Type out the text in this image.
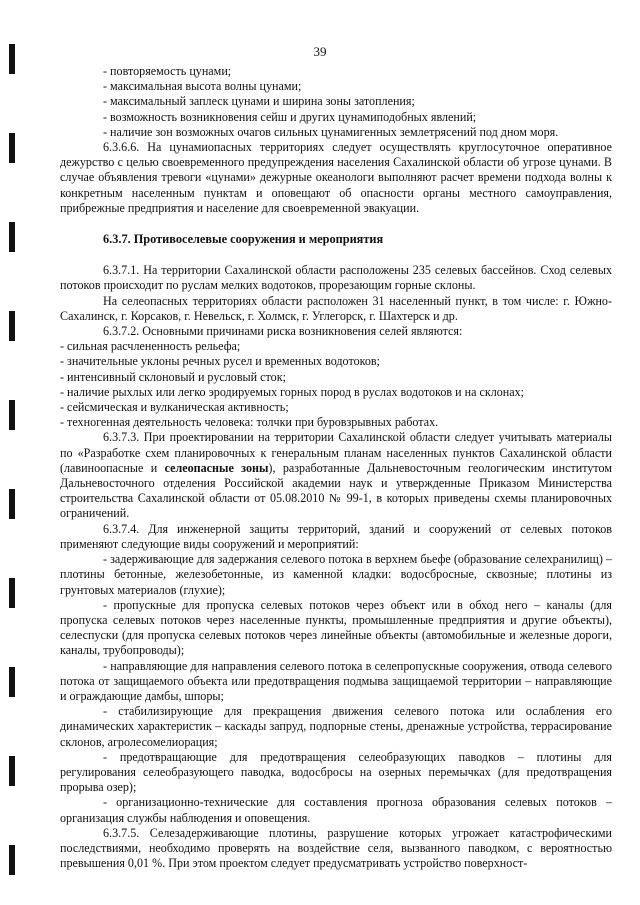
39

- повторяемость цунами;

- максимальная высота волны цунами;

- максимальный заплеск цунами и ширина зоны затопления;

- возможность возникновения сейш и других цунамиподобных явлений;

- наличие зон возможных очагов сильных цунамигенных землетрясений под дном моря.

6.3.6.6. На цунамиопасных территориях следует осуществлять круглосуточное оперативное дежурство с целью своевременного предупреждения населения Сахалинской области об угрозе цунами. В случае объявления тревоги «цунами» дежурные океанологи выполняют расчет времени подхода волны к конкретным населенным пунктам и оповещают об опасности органы местного самоуправления, прибрежные предприятия и население для своевременной эвакуации.

6.3.7. Противоселевые сооружения и мероприятия

6.3.7.1. На территории Сахалинской области расположены 235 селевых бассейнов. Сход селевых потоков происходит по руслам мелких водотоков, прорезающим горные склоны.

На селеопасных территориях области расположен 31 населенный пункт, в том числе: г. Южно-Сахалинск, г. Корсаков, г. Невельск, г. Холмск, г. Углегорск, г. Шахтерск и др.

6.3.7.2. Основными причинами риска возникновения селей являются:

- сильная расчлененность рельефа;

- значительные уклоны речных русел и временных водотоков;

- интенсивный склоновый и русловый сток;

- наличие рыхлых или легко эродируемых горных пород в руслах водотоков и на склонах;

- сейсмическая и вулканическая активность;

- техногенная деятельность человека: толчки при буровзрывных работах.

6.3.7.3. При проектировании на территории Сахалинской области следует учитывать материалы по «Разработке схем планировочных к генеральным планам населенных пунктов Сахалинской области (лавиноопасные и селеопасные зоны), разработанные Дальневосточным геологическим институтом Дальневосточного отделения Российской академии наук и утвержденные Приказом Министерства строительства Сахалинской области от 05.08.2010 № 99-1, в которых приведены схемы планировочных ограничений.

6.3.7.4. Для инженерной защиты территорий, зданий и сооружений от селевых потоков применяют следующие виды сооружений и мероприятий:

- задерживающие для задержания селевого потока в верхнем бьефе (образование селехранилищ) – плотины бетонные, железобетонные, из каменной кладки: водосбросные, сквозные; плотины из грунтовых материалов (глухие);

- пропускные для пропуска селевых потоков через объект или в обход него – каналы (для пропуска селевых потоков через населенные пункты, промышленные предприятия и другие объекты), селеспуски (для пропуска селевых потоков через линейные объекты (автомобильные и железные дороги, каналы, трубопроводы);

- направляющие для направления селевого потока в селепропускные сооружения, отвода селевого потока от защищаемого объекта или предотвращения подмыва защищаемой территории – направляющие и ограждающие дамбы, шпоры;

- стабилизирующие для прекращения движения селевого потока или ослабления его динамических характеристик – каскады запруд, подпорные стены, дренажные устройства, террасирование склонов, агролесомелиорация;

- предотвращающие для предотвращения селеобразующих паводков – плотины для регулирования селеобразующего паводка, водосбросы на озерных перемычках (для предотвращения прорыва озер);

- организационно-технические для составления прогноза образования селевых потоков – организация службы наблюдения и оповещения.

6.3.7.5. Селезадерживающие плотины, разрушение которых угрожает катастрофическими последствиями, необходимо проверять на воздействие селя, вызванного паводком, с вероятностью превышения 0,01 %. При этом проектом следует предусматривать устройство поверхност-
